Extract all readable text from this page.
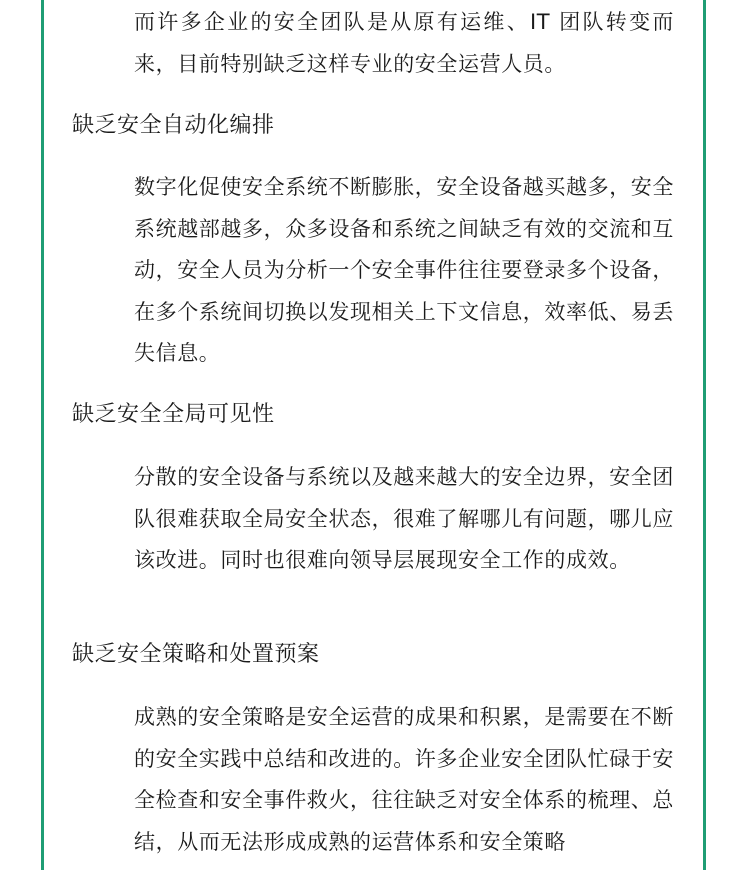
而许多企业的安全团队是从原有运维、IT 团队转变而来，目前特别缺乏这样专业的安全运营人员。

缺乏安全自动化编排

数字化促使安全系统不断膨胀，安全设备越买越多，安全系统越部越多，众多设备和系统之间缺乏有效的交流和互动，安全人员为分析一个安全事件往往要登录多个设备，在多个系统间切换以发现相关上下文信息，效率低、易丢失信息。

缺乏安全全局可见性

分散的安全设备与系统以及越来越大的安全边界，安全团队很难获取全局安全状态，很难了解哪儿有问题，哪儿应该改进。同时也很难向领导层展现安全工作的成效。

缺乏安全策略和处置预案

成熟的安全策略是安全运营的成果和积累，是需要在不断的安全实践中总结和改进的。许多企业安全团队忙碌于安全检查和安全事件救火，往往缺乏对安全体系的梳理、总结，从而无法形成成熟的运营体系和安全策略
